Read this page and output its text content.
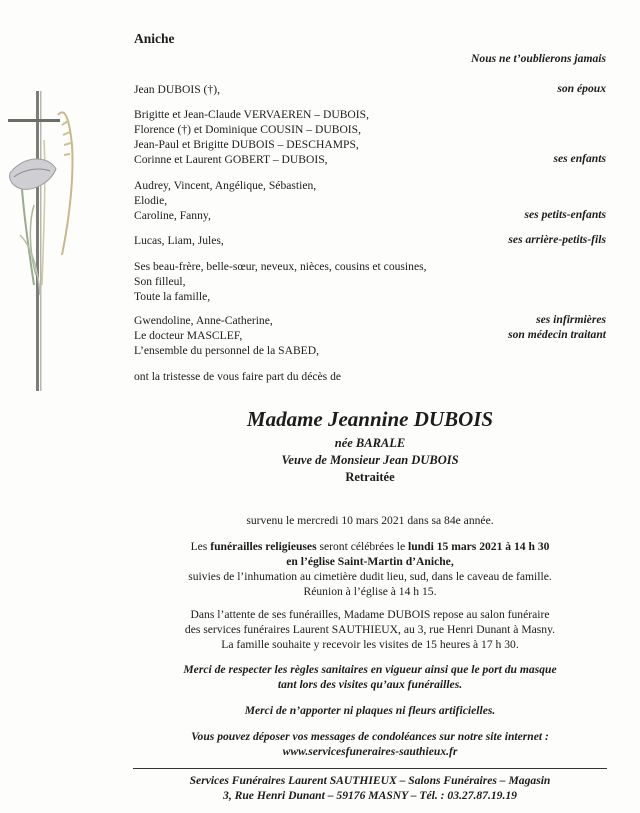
Aniche
Nous ne t’oublierons jamais
Jean DUBOIS (†),	son époux
Brigitte et Jean-Claude VERVAEREN – DUBOIS,
Florence (†) et Dominique COUSIN – DUBOIS,
Jean-Paul et Brigitte DUBOIS – DESCHAMPS,
Corinne et Laurent GOBERT – DUBOIS,	ses enfants
Audrey, Vincent, Angélique, Sébastien,
Elodie,
Caroline, Fanny,	ses petits-enfants
Lucas, Liam, Jules,	ses arrière-petits-fils
Ses beau-frère, belle-sœur, neveux, nièces, cousins et cousines,
Son filleul,
Toute la famille,
Gwendoline, Anne-Catherine,	ses infirmières
Le docteur MASCLEF,	son médecin traitant
L’ensemble du personnel de la SABED,
ont la tristesse de vous faire part du décès de
Madame Jeannine DUBOIS
née BARALE
Veuve de Monsieur Jean DUBOIS
Retraitée
survenu le mercredi 10 mars 2021 dans sa 84e année.
Les funérailles religieuses seront célébrées le lundi 15 mars 2021 à 14 h 30
en l’église Saint-Martin d’Aniche,
suivies de l’inhumation au cimetière dudit lieu, sud, dans le caveau de famille.
Réunion à l’église à 14 h 15.
Dans l’attente de ses funérailles, Madame DUBOIS repose au salon funéraire
des services funéraires Laurent SAUTHIEUX, au 3, rue Henri Dunant à Masny.
La famille souhaite y recevoir les visites de 15 heures à 17 h 30.
Merci de respecter les règles sanitaires en vigueur ainsi que le port du masque
tant lors des visites qu’aux funérailles.
Merci de n’apporter ni plaques ni fleurs artificielles.
Vous pouvez déposer vos messages de condoléances sur notre site internet :
www.servicesfuneraires-sauthieux.fr
Services Funéraires Laurent SAUTHIEUX – Salons Funéraires – Magasin
3, Rue Henri Dunant – 59176 MASNY – Tél. : 03.27.87.19.19
